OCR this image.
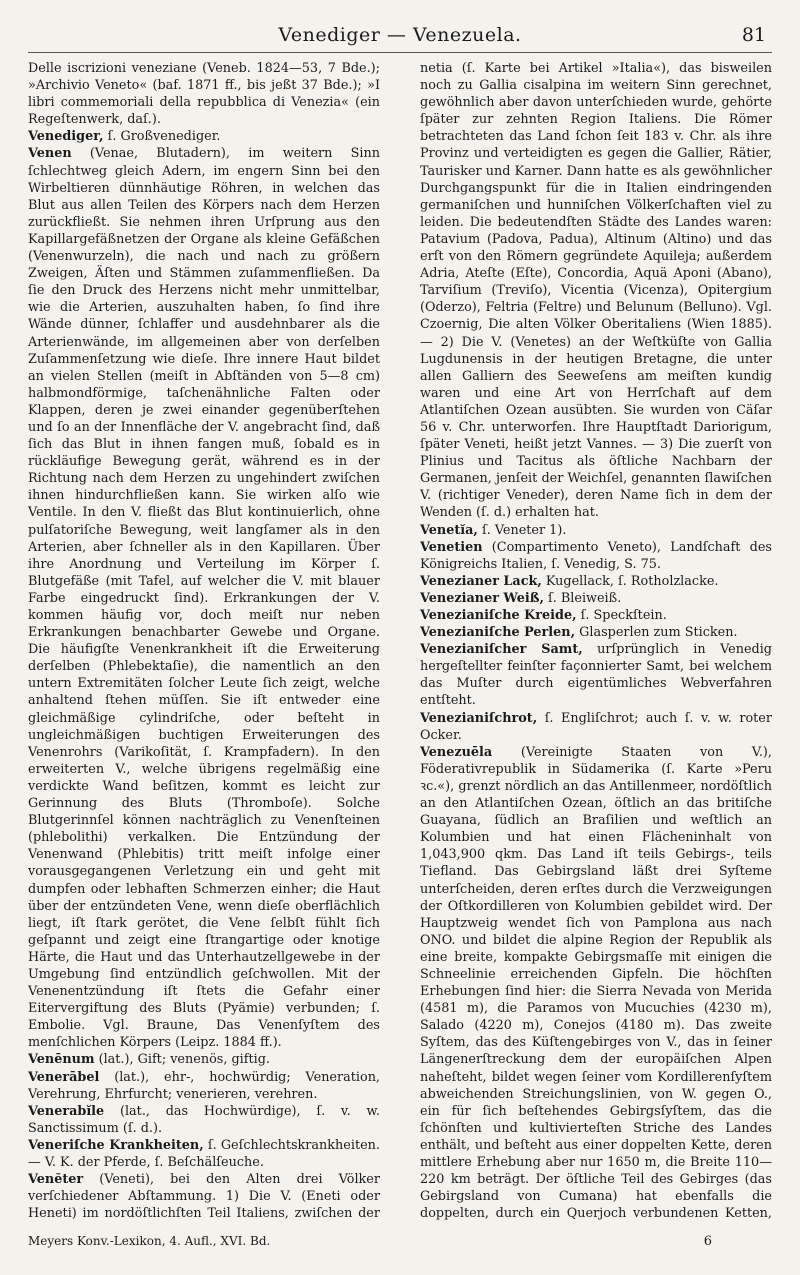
Venediger — Venezuela.	81

Delle iscrizioni veneziane (Veneb. 1824—53, 7 Bde.); »Archivio Veneto« (baf. 1871 ff., bis jeßt 37 Bde.); »I libri commemoriali della repubblica di Venezia« (ein Regeſtenwerk, daſ.).

Venediger, ſ. Großvenediger.

Venen (Venae, Blutadern), im weitern Sinn ſchlechtweg gleich Adern, im engern Sinn bei den Wirbeltieren dünnhäutige Röhren, in welchen das Blut aus allen Teilen des Körpers nach dem Herzen zurückfließt. Sie nehmen ihren Urſprung aus den Kapillargefäßnetzen der Organe als kleine Gefäßchen (Venenwurzeln), die nach und nach zu größern Zweigen, Äſten und Stämmen zuſammenfließen. Da ſie den Druck des Herzens nicht mehr unmittelbar, wie die Arterien, auszuhalten haben, ſo ſind ihre Wände dünner, ſchlaffer und ausdehnbarer als die Arterienwände, im allgemeinen aber von derſelben Zuſammenſetzung wie dieſe. Ihre innere Haut bildet an vielen Stellen (meiſt in Abſtänden von 5—8 cm) halbmondförmige, taſchenähnliche Falten oder Klappen, deren je zwei einander gegenüberſtehen und ſo an der Innenfläche der V. angebracht ſind, daß ſich das Blut in ihnen fangen muß, ſobald es in rückläufige Bewegung gerät, während es in der Richtung nach dem Herzen zu ungehindert zwiſchen ihnen hindurchfließen kann. Sie wirken alſo wie Ventile. In den V. fließt das Blut kontinuierlich, ohne pulſatoriſche Bewegung, weit langſamer als in den Arterien, aber ſchneller als in den Kapillaren. Über ihre Anordnung und Verteilung im Körper ſ. Blutgefäße (mit Tafel, auf welcher die V. mit blauer Farbe eingedruckt ſind). Erkrankungen der V. kommen häufig vor, doch meiſt nur neben Erkrankungen benachbarter Gewebe und Organe. Die häufigſte Venenkrankheit iſt die Erweiterung derſelben (Phlebektaſie), die namentlich an den untern Extremitäten ſolcher Leute ſich zeigt, welche anhaltend ſtehen müſſen. Sie iſt entweder eine gleichmäßige cylindriſche, oder beſteht in ungleichmäßigen buchtigen Erweiterungen des Venenrohrs (Varikoſität, ſ. Krampfadern). In den erweiterten V., welche übrigens regelmäßig eine verdickte Wand beſitzen, kommt es leicht zur Gerinnung des Bluts (Thromboſe). Solche Blutgerinnſel können nachträglich zu Venenſteinen (phlebolithi) verkalken. Die Entzündung der Venenwand (Phlebitis) tritt meiſt infolge einer vorausgegangenen Verletzung ein und geht mit dumpfen oder lebhaften Schmerzen einher; die Haut über der entzündeten Vene, wenn dieſe oberflächlich liegt, iſt ſtark gerötet, die Vene ſelbſt fühlt ſich geſpannt und zeigt eine ſtrangartige oder knotige Härte, die Haut und das Unterhautzellgewebe in der Umgebung ſind entzündlich geſchwollen. Mit der Venenentzündung iſt ſtets die Gefahr einer Eitervergiftung des Bluts (Pyämie) verbunden; ſ. Embolie. Vgl. Braune, Das Venenſyſtem des menſchlichen Körpers (Leipz. 1884 ff.).

Venēnum (lat.), Gift; venenös, giftig.

Venerābel (lat.), ehr-, hochwürdig; Veneration, Verehrung, Ehrfurcht; venerieren, verehren.

Venerabĭle (lat., das Hochwürdige), ſ. v. w. Sanctissimum (ſ. d.).

Veneriſche Krankheiten, ſ. Geſchlechtskrankheiten. — V. K. der Pferde, ſ. Beſchälſeuche.

Venĕter (Veneti), bei den Alten drei Völker verſchiedener Abſtammung. 1) Die V. (Eneti oder Heneti) im nordöſtlichſten Teil Italiens, zwiſchen der

netia (ſ. Karte bei Artikel »Italia«), das bisweilen noch zu Gallia cisalpina im weitern Sinn gerechnet, gewöhnlich aber davon unterſchieden wurde, gehörte ſpäter zur zehnten Region Italiens. Die Römer betrachteten das Land ſchon ſeit 183 v. Chr. als ihre Provinz und verteidigten es gegen die Gallier, Rätier, Taurisker und Karner. Dann hatte es als gewöhnlicher Durchgangspunkt für die in Italien eindringenden germaniſchen und hunniſchen Völkerſchaften viel zu leiden. Die bedeutendſten Städte des Landes waren: Patavium (Padova, Padua), Altinum (Altino) und das erſt von den Römern gegründete Aquileja; außerdem Adria, Ateſte (Eſte), Concordia, Aquä Aponi (Abano), Tarviſium (Treviſo), Vicentia (Vicenza), Opitergium (Oderzo), Feltria (Feltre) und Belunum (Belluno). Vgl. Czoernig, Die alten Völker Oberitaliens (Wien 1885). — 2) Die V. (Venetes) an der Weſtküſte von Gallia Lugdunensis in der heutigen Bretagne, die unter allen Galliern des Seeweſens am meiſten kundig waren und eine Art von Herrſchaft auf dem Atlantiſchen Ozean ausübten. Sie wurden von Cäſar 56 v. Chr. unterworfen. Ihre Hauptſtadt Dariorigum, ſpäter Veneti, heißt jetzt Vannes. — 3) Die zuerſt von Plinius und Tacitus als öſtliche Nachbarn der Germanen, jenſeit der Weichſel, genannten ſlawiſchen V. (richtiger Veneder), deren Name ſich in dem der Wenden (ſ. d.) erhalten hat.

Venetĭa, ſ. Veneter 1).

Venetien (Compartimento Veneto), Landſchaft des Königreichs Italien, ſ. Venedig, S. 75.

Venezianer Lack, Kugellack, ſ. Rotholzlacke.

Venezianer Weiß, ſ. Bleiweiß.

Venezianiſche Kreide, ſ. Speckſtein.

Venezianiſche Perlen, Glasperlen zum Sticken.

Venezianiſcher Samt, urſprünglich in Venedig hergeſtellter feinſter façonnierter Samt, bei welchem das Muſter durch eigentümliches Webverfahren entſteht.

Venezianiſchrot, ſ. Engliſchrot; auch ſ. v. w. roter Ocker.

Venezuēla (Vereinigte Staaten von V.), Föderativrepublik in Südamerika (ſ. Karte »Peru ꝛc.«), grenzt nördlich an das Antillenmeer, nordöſtlich an den Atlantiſchen Ozean, öſtlich an das britiſche Guayana, ſüdlich an Braſilien und weſtlich an Kolumbien und hat einen Flächeninhalt von 1,043,900 qkm. Das Land iſt teils Gebirgs-, teils Tiefland. Das Gebirgsland läßt drei Syſteme unterſcheiden, deren erſtes durch die Verzweigungen der Oſtkordilleren von Kolumbien gebildet wird. Der Hauptzweig wendet ſich von Pamplona aus nach ONO. und bildet die alpine Region der Republik als eine breite, kompakte Gebirgsmaſſe mit einigen die Schneelinie erreichenden Gipfeln. Die höchſten Erhebungen ſind hier: die Sierra Nevada von Merida (4581 m), die Paramos von Mucuchies (4230 m), Salado (4220 m), Conejos (4180 m). Das zweite Syſtem, das des Küſtengebirges von V., das in ſeiner Längenerſtreckung dem der europäiſchen Alpen naheſteht, bildet wegen ſeiner vom Kordillerenſyſtem abweichenden Streichungslinien, von W. gegen O., ein für ſich beſtehendes Gebirgsſyſtem, das die ſchönſten und kultivierteſten Striche des Landes enthält, und beſteht aus einer doppelten Kette, deren mittlere Erhebung aber nur 1650 m, die Breite 110—220 km beträgt. Der öſtliche Teil des Gebirges (das Gebirgsland von Cumana) hat ebenfalls die doppelten, durch ein Querjoch verbundenen Ketten,

Meyers Konv.-Lexikon, 4. Aufl., XVI. Bd.	6
